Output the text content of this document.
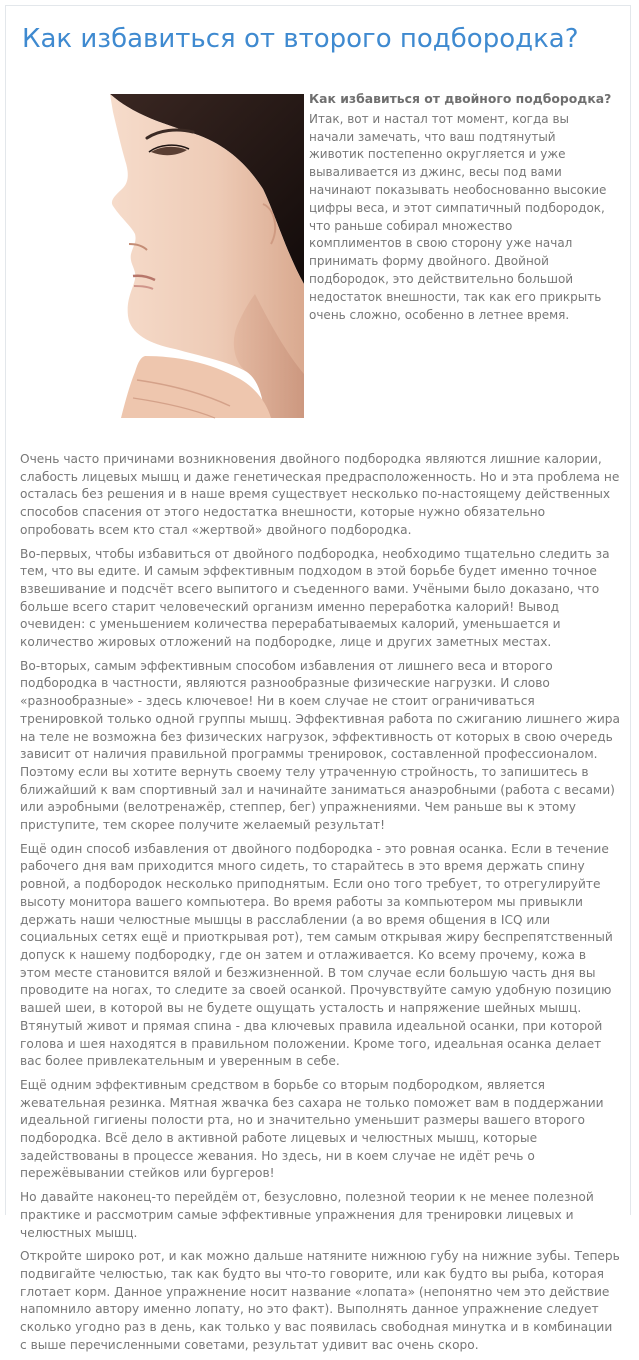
Как избавиться от второго подбородка?

Как избавиться от двойного подбородка?

Итак, вот и настал тот момент, когда вы начали замечать, что ваш подтянутый животик постепенно округляется и уже вываливается из джинс, весы под вами начинают показывать необоснованно высокие цифры веса, и этот симпатичный подбородок, что раньше собирал множество комплиментов в свою сторону уже начал принимать форму двойного. Двойной подбородок, это действительно большой недостаток внешности, так как его прикрыть очень сложно, особенно в летнее время.

Очень часто причинами возникновения двойного подбородка являются лишние калории, слабость лицевых мышц и даже генетическая предрасположенность. Но и эта проблема не осталась без решения и в наше время существует несколько по-настоящему действенных способов спасения от этого недостатка внешности, которые нужно обязательно опробовать всем кто стал «жертвой» двойного подбородка.

Во-первых, чтобы избавиться от двойного подбородка, необходимо тщательно следить за тем, что вы едите. И самым эффективным подходом в этой борьбе будет именно точное взвешивание и подсчёт всего выпитого и съеденного вами. Учёными было доказано, что больше всего старит человеческий организм именно переработка калорий! Вывод очевиден: с уменьшением количества перерабатываемых калорий, уменьшается и количество жировых отложений на подбородке, лице и других заметных местах.

Во-вторых, самым эффективным способом избавления от лишнего веса и второго подбородка в частности, являются разнообразные физические нагрузки. И слово «разнообразные» - здесь ключевое! Ни в коем случае не стоит ограничиваться тренировкой только одной группы мышц. Эффективная работа по сжиганию лишнего жира на теле не возможна без физических нагрузок, эффективность от которых в свою очередь зависит от наличия правильной программы тренировок, составленной профессионалом. Поэтому если вы хотите вернуть своему телу утраченную стройность, то запишитесь в ближайший к вам спортивный зал и начинайте заниматься анаэробными (работа с весами) или аэробными (велотренажёр, степпер, бег) упражнениями. Чем раньше вы к этому приступите, тем скорее получите желаемый результат!

Ещё один способ избавления от двойного подбородка - это ровная осанка. Если в течение рабочего дня вам приходится много сидеть, то старайтесь в это время держать спину ровной, а подбородок несколько приподнятым. Если оно того требует, то отрегулируйте высоту монитора вашего компьютера. Во время работы за компьютером мы привыкли держать наши челюстные мышцы в расслаблении (а во время общения в ICQ или социальных сетях ещё и приоткрывая рот), тем самым открывая жиру беспрепятственный допуск к нашему подбородку, где он затем и отлаживается. Ко всему прочему, кожа в этом месте становится вялой и безжизненной. В том случае если большую часть дня вы проводите на ногах, то следите за своей осанкой. Прочувствуйте самую удобную позицию вашей шеи, в которой вы не будете ощущать усталость и напряжение шейных мышц. Втянутый живот и прямая спина - два ключевых правила идеальной осанки, при которой голова и шея находятся в правильном положении. Кроме того, идеальная осанка делает вас более привлекательным и уверенным в себе.

Ещё одним эффективным средством в борьбе со вторым подбородком, является жевательная резинка. Мятная жвачка без сахара не только поможет вам в поддержании идеальной гигиены полости рта, но и значительно уменьшит размеры вашего второго подбородка. Всё дело в активной работе лицевых и челюстных мышц, которые задействованы в процессе жевания. Но здесь, ни в коем случае не идёт речь о пережёвывании стейков или бургеров!

Но давайте наконец-то перейдём от, безусловно, полезной теории к не менее полезной практике и рассмотрим самые эффективные упражнения для тренировки лицевых и челюстных мышц.

Откройте широко рот, и как можно дальше натяните нижнюю губу на нижние зубы. Теперь подвигайте челюстью, так как будто вы что-то говорите, или как будто вы рыба, которая глотает корм. Данное упражнение носит название «лопата» (непонятно чем это действие напомнило автору именно лопату, но это факт). Выполнять данное упражнение следует сколько угодно раз в день, как только у вас появилась свободная минутка и в комбинации с выше перечисленными советами, результат удивит вас очень скоро.
